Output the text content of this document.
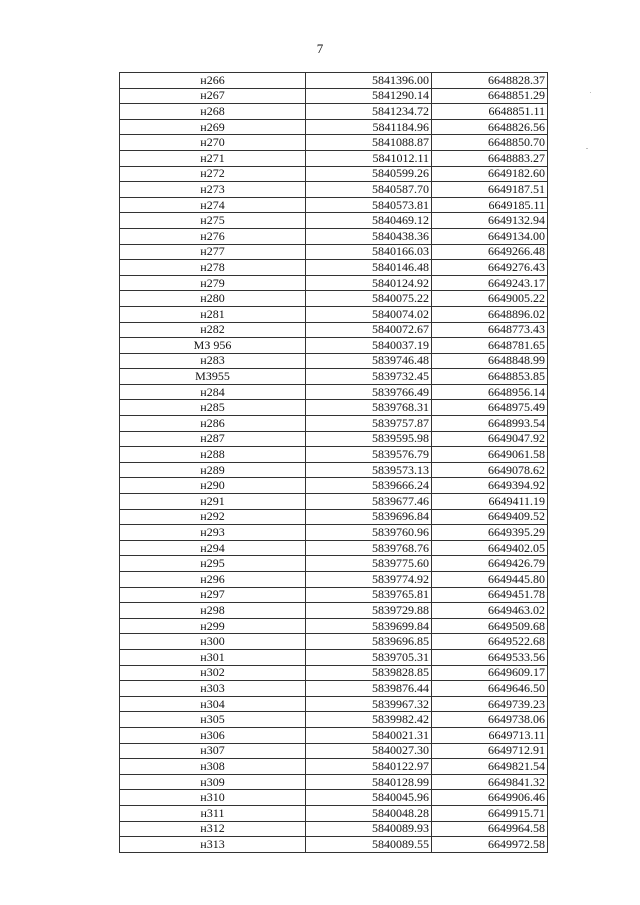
7
н266	5841396.00	6648828.37
н267	5841290.14	6648851.29
н268	5841234.72	6648851.11
н269	5841184.96	6648826.56
н270	5841088.87	6648850.70
н271	5841012.11	6648883.27
н272	5840599.26	6649182.60
н273	5840587.70	6649187.51
н274	5840573.81	6649185.11
н275	5840469.12	6649132.94
н276	5840438.36	6649134.00
н277	5840166.03	6649266.48
н278	5840146.48	6649276.43
н279	5840124.92	6649243.17
н280	5840075.22	6649005.22
н281	5840074.02	6648896.02
н282	5840072.67	6648773.43
МЗ 956	5840037.19	6648781.65
н283	5839746.48	6648848.99
МЗ955	5839732.45	6648853.85
н284	5839766.49	6648956.14
н285	5839768.31	6648975.49
н286	5839757.87	6648993.54
н287	5839595.98	6649047.92
н288	5839576.79	6649061.58
н289	5839573.13	6649078.62
н290	5839666.24	6649394.92
н291	5839677.46	6649411.19
н292	5839696.84	6649409.52
н293	5839760.96	6649395.29
н294	5839768.76	6649402.05
н295	5839775.60	6649426.79
н296	5839774.92	6649445.80
н297	5839765.81	6649451.78
н298	5839729.88	6649463.02
н299	5839699.84	6649509.68
н300	5839696.85	6649522.68
н301	5839705.31	6649533.56
н302	5839828.85	6649609.17
н303	5839876.44	6649646.50
н304	5839967.32	6649739.23
н305	5839982.42	6649738.06
н306	5840021.31	6649713.11
н307	5840027.30	6649712.91
н308	5840122.97	6649821.54
н309	5840128.99	6649841.32
н310	5840045.96	6649906.46
н311	5840048.28	6649915.71
н312	5840089.93	6649964.58
н313	5840089.55	6649972.58
